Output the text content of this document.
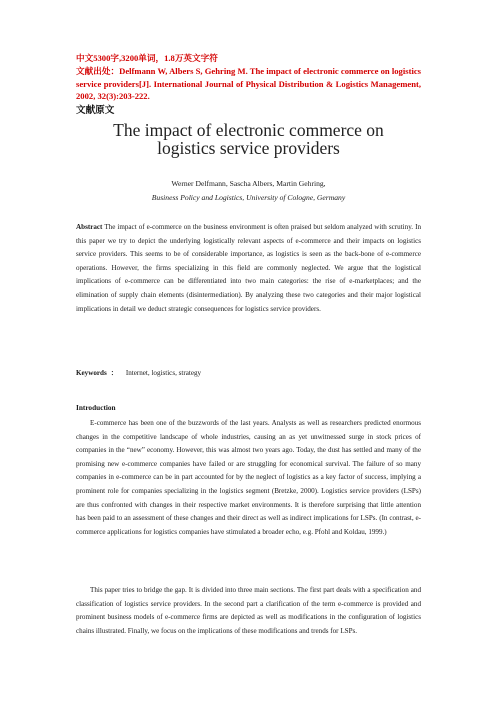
中文5300字,3200单词，1.8万英文字符
文献出处：Delfmann W, Albers S, Gehring M. The impact of electronic commerce on logistics service providers[J]. International Journal of Physical Distribution & Logistics Management, 2002, 32(3):203-222.
文献原文
The impact of electronic commerce on
logistics service providers
Werner Delfmann, Sascha Albers, Martin Gehring,
Business Policy and Logistics, University of Cologne, Germany

Abstract The impact of e-commerce on the business environment is often praised but seldom analyzed with scrutiny. In this paper we try to depict the underlying logistically relevant aspects of e-commerce and their impacts on logistics service providers. This seems to be of considerable importance, as logistics is seen as the back-bone of e-commerce operations. However, the firms specializing in this field are commonly neglected. We argue that the logistical implications of e-commerce can be differentiated into two main categories: the rise of e-marketplaces; and the elimination of supply chain elements (disintermediation). By analyzing these two categories and their major logistical implications in detail we deduct strategic consequences for logistics service providers.

Keywords ： Internet, logistics, strategy
Introduction

E-commerce has been one of the buzzwords of the last years. Analysts as well as researchers predicted enormous changes in the competitive landscape of whole industries, causing an as yet unwitnessed surge in stock prices of companies in the “new” economy. However, this was almost two years ago. Today, the dust has settled and many of the promising new e-commerce companies have failed or are struggling for economical survival. The failure of so many companies in e-commerce can be in part accounted for by the neglect of logistics as a key factor of success, implying a prominent role for companies specializing in the logistics segment (Bretzke, 2000). Logistics service providers (LSPs) are thus confronted with changes in their respective market environments. It is therefore surprising that little attention has been paid to an assessment of these changes and their direct as well as indirect implications for LSPs. (In contrast, e-commerce applications for logistics companies have stimulated a broader echo, e.g. Pfohl and Koldau, 1999.)

This paper tries to bridge the gap. It is divided into three main sections. The first part deals with a specification and classification of logistics service providers. In the second part a clarification of the term e-commerce is provided and prominent business models of e-commerce firms are depicted as well as modifications in the configuration of logistics chains illustrated. Finally, we focus on the implications of these modifications and trends for LSPs.
